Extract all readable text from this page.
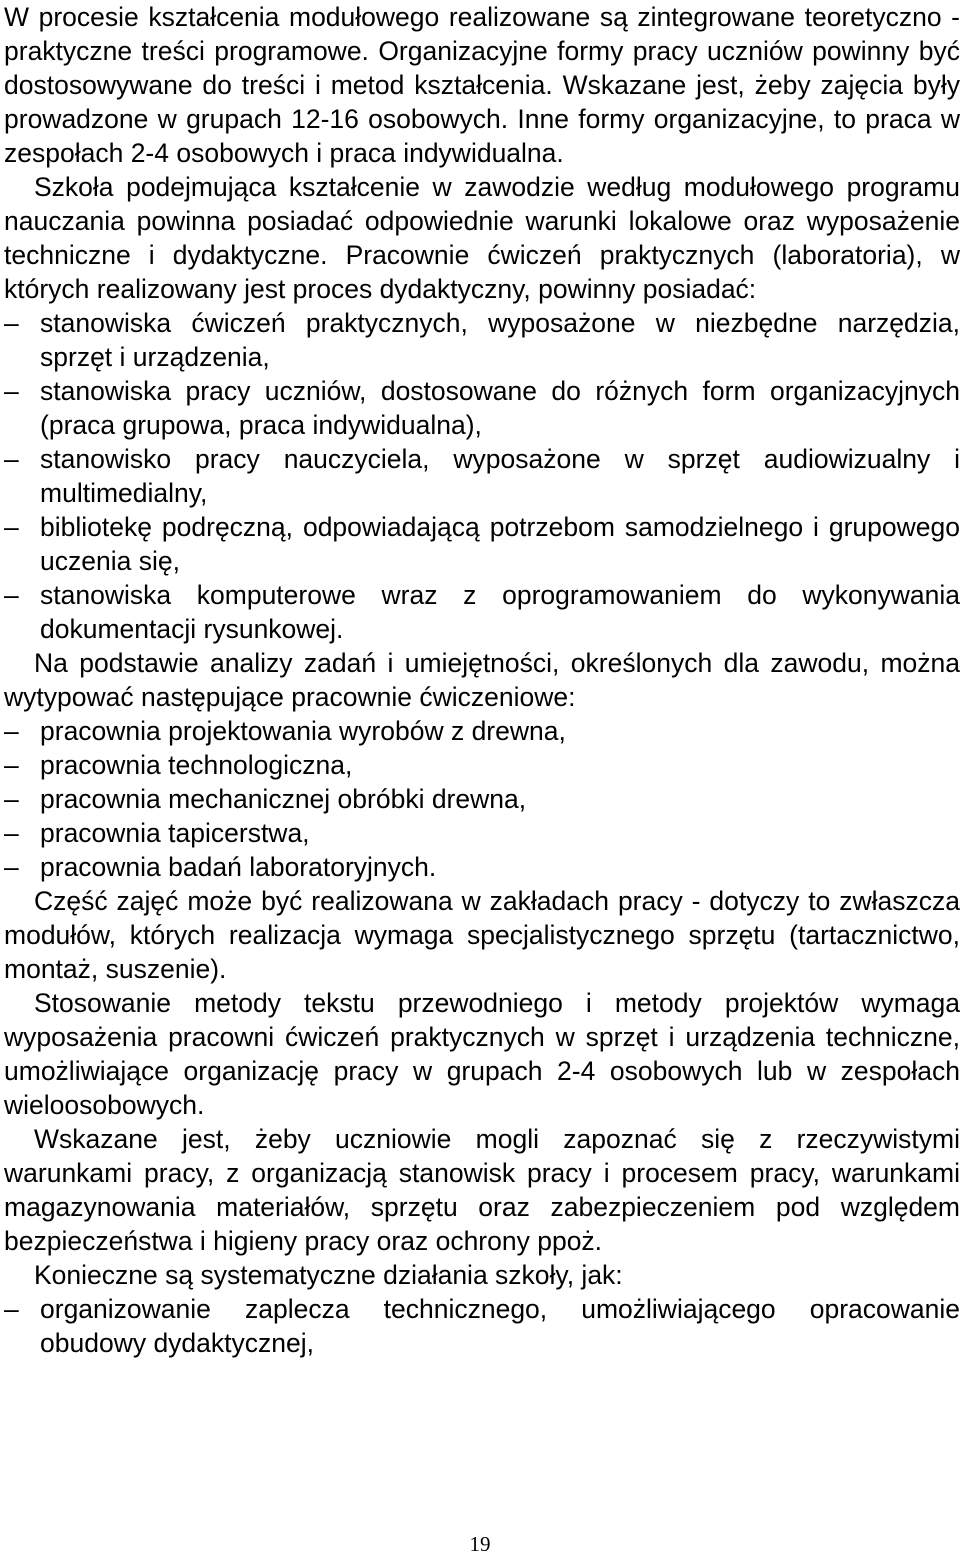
W procesie kształcenia modułowego realizowane są zintegrowane teoretyczno - praktyczne treści programowe. Organizacyjne formy pracy uczniów powinny być dostosowywane do treści i metod kształcenia. Wskazane jest, żeby zajęcia były prowadzone w grupach 12-16 osobowych. Inne formy organizacyjne, to praca w zespołach 2-4 osobowych i praca indywidualna.

Szkoła podejmująca kształcenie w zawodzie według modułowego programu nauczania powinna posiadać odpowiednie warunki lokalowe oraz wyposażenie techniczne i dydaktyczne. Pracownie ćwiczeń praktycznych (laboratoria), w których realizowany jest proces dydaktyczny, powinny posiadać:

– stanowiska ćwiczeń praktycznych, wyposażone w niezbędne narzędzia, sprzęt i urządzenia,
– stanowiska pracy uczniów, dostosowane do różnych form organizacyjnych (praca grupowa, praca indywidualna),
– stanowisko pracy nauczyciela, wyposażone w sprzęt audiowizualny i multimedialny,
– bibliotekę podręczną, odpowiadającą potrzebom samodzielnego i grupowego uczenia się,
– stanowiska komputerowe wraz z oprogramowaniem do wykonywania dokumentacji rysunkowej.

Na podstawie analizy zadań i umiejętności, określonych dla zawodu, można wytypować następujące pracownie ćwiczeniowe:

– pracownia projektowania wyrobów z drewna,
– pracownia technologiczna,
– pracownia mechanicznej obróbki drewna,
– pracownia tapicerstwa,
– pracownia badań laboratoryjnych.

Część zajęć może być realizowana w zakładach pracy - dotyczy to zwłaszcza modułów, których realizacja wymaga specjalistycznego sprzętu (tartacznictwo, montaż, suszenie).

Stosowanie metody tekstu przewodniego i metody projektów wymaga wyposażenia pracowni ćwiczeń praktycznych w sprzęt i urządzenia techniczne, umożliwiające organizację pracy w grupach 2-4 osobowych lub w zespołach wieloosobowych.

Wskazane jest, żeby uczniowie mogli zapoznać się z rzeczywistymi warunkami pracy, z organizacją stanowisk pracy i procesem pracy, warunkami magazynowania materiałów, sprzętu oraz zabezpieczeniem pod względem bezpieczeństwa i higieny pracy oraz ochrony ppoż.

Konieczne są systematyczne działania szkoły, jak:

– organizowanie zaplecza technicznego, umożliwiającego opracowanie obudowy dydaktycznej,
19
